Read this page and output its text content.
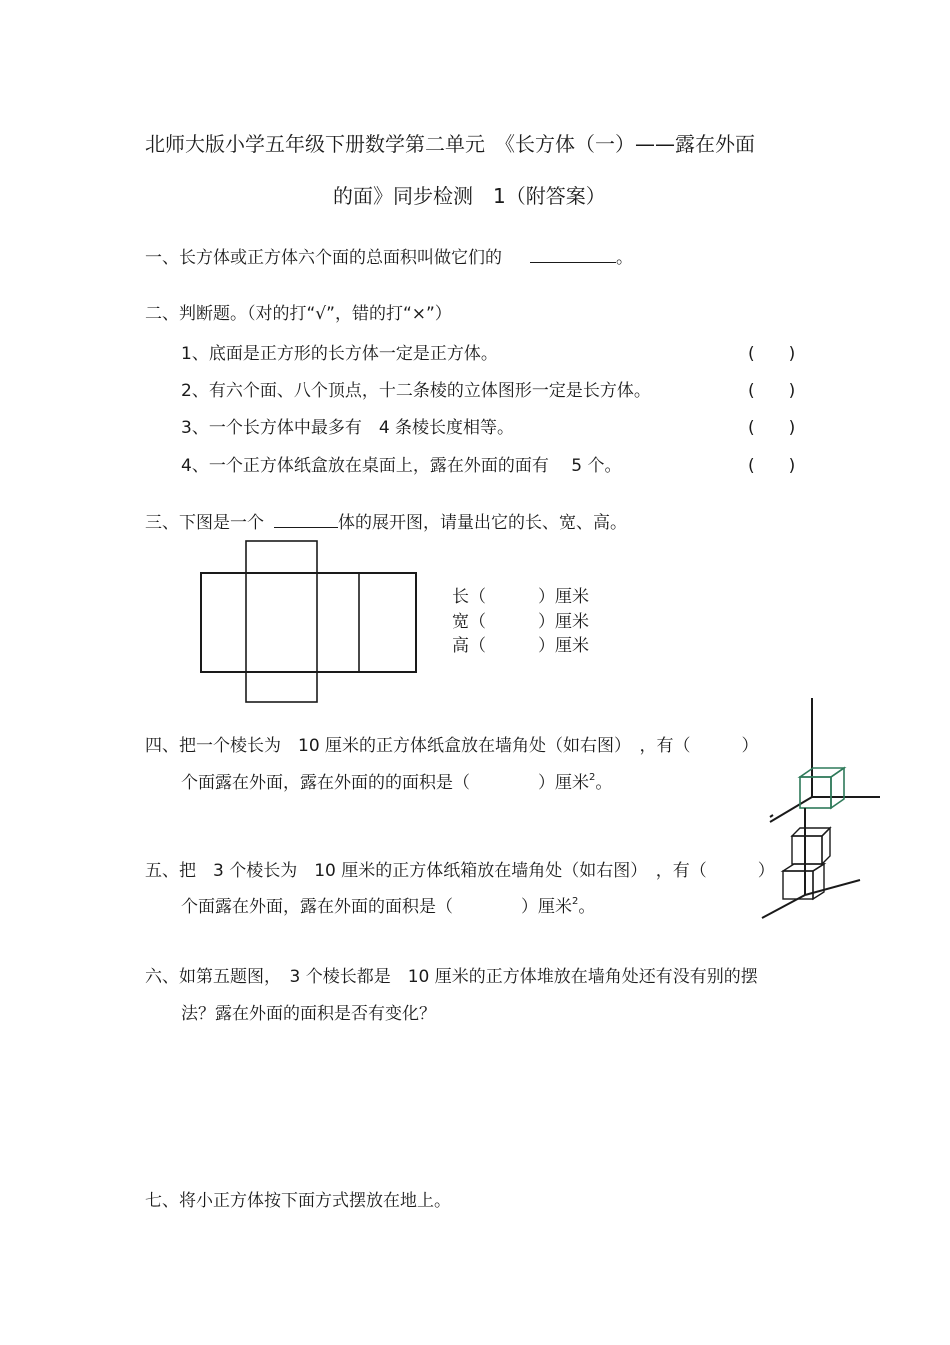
北师大版小学五年级下册数学第二单元　《长方体（一）——露在外面
的面》同步检测　1（附答案）
一、长方体或正方体六个面的总面积叫做它们的	。
二、判断题。（对的打“√”，错的打“×”）
1、底面是正方形的长方体一定是正方体。	(　　)
2、有六个面、八个顶点，十二条棱的立体图形一定是长方体。	(　　)
3、一个长方体中最多有　4 条棱长度相等。	(　　)
4、一个正方体纸盒放在桌面上，露在外面的面有　 5 个。	(　　)
三、下图是一个	体的展开图，请量出它的长、宽、高。
长（	）厘米
宽（	）厘米
高（	）厘米
四、把一个棱长为　10 厘米的正方体纸盒放在墙角处（如右图）　，有（　　　）
个面露在外面，露在外面的的面积是（　　　　）厘米$^2$。
五、把　3 个棱长为　10 厘米的正方体纸箱放在墙角处（如右图）　，有（　　　）
个面露在外面，露在外面的面积是（　　　　）厘米$^2$。
六、如第五题图，　3 个棱长都是　10 厘米的正方体堆放在墙角处还有没有别的摆
法？露在外面的面积是否有变化？
七、将小正方体按下面方式摆放在地上。
